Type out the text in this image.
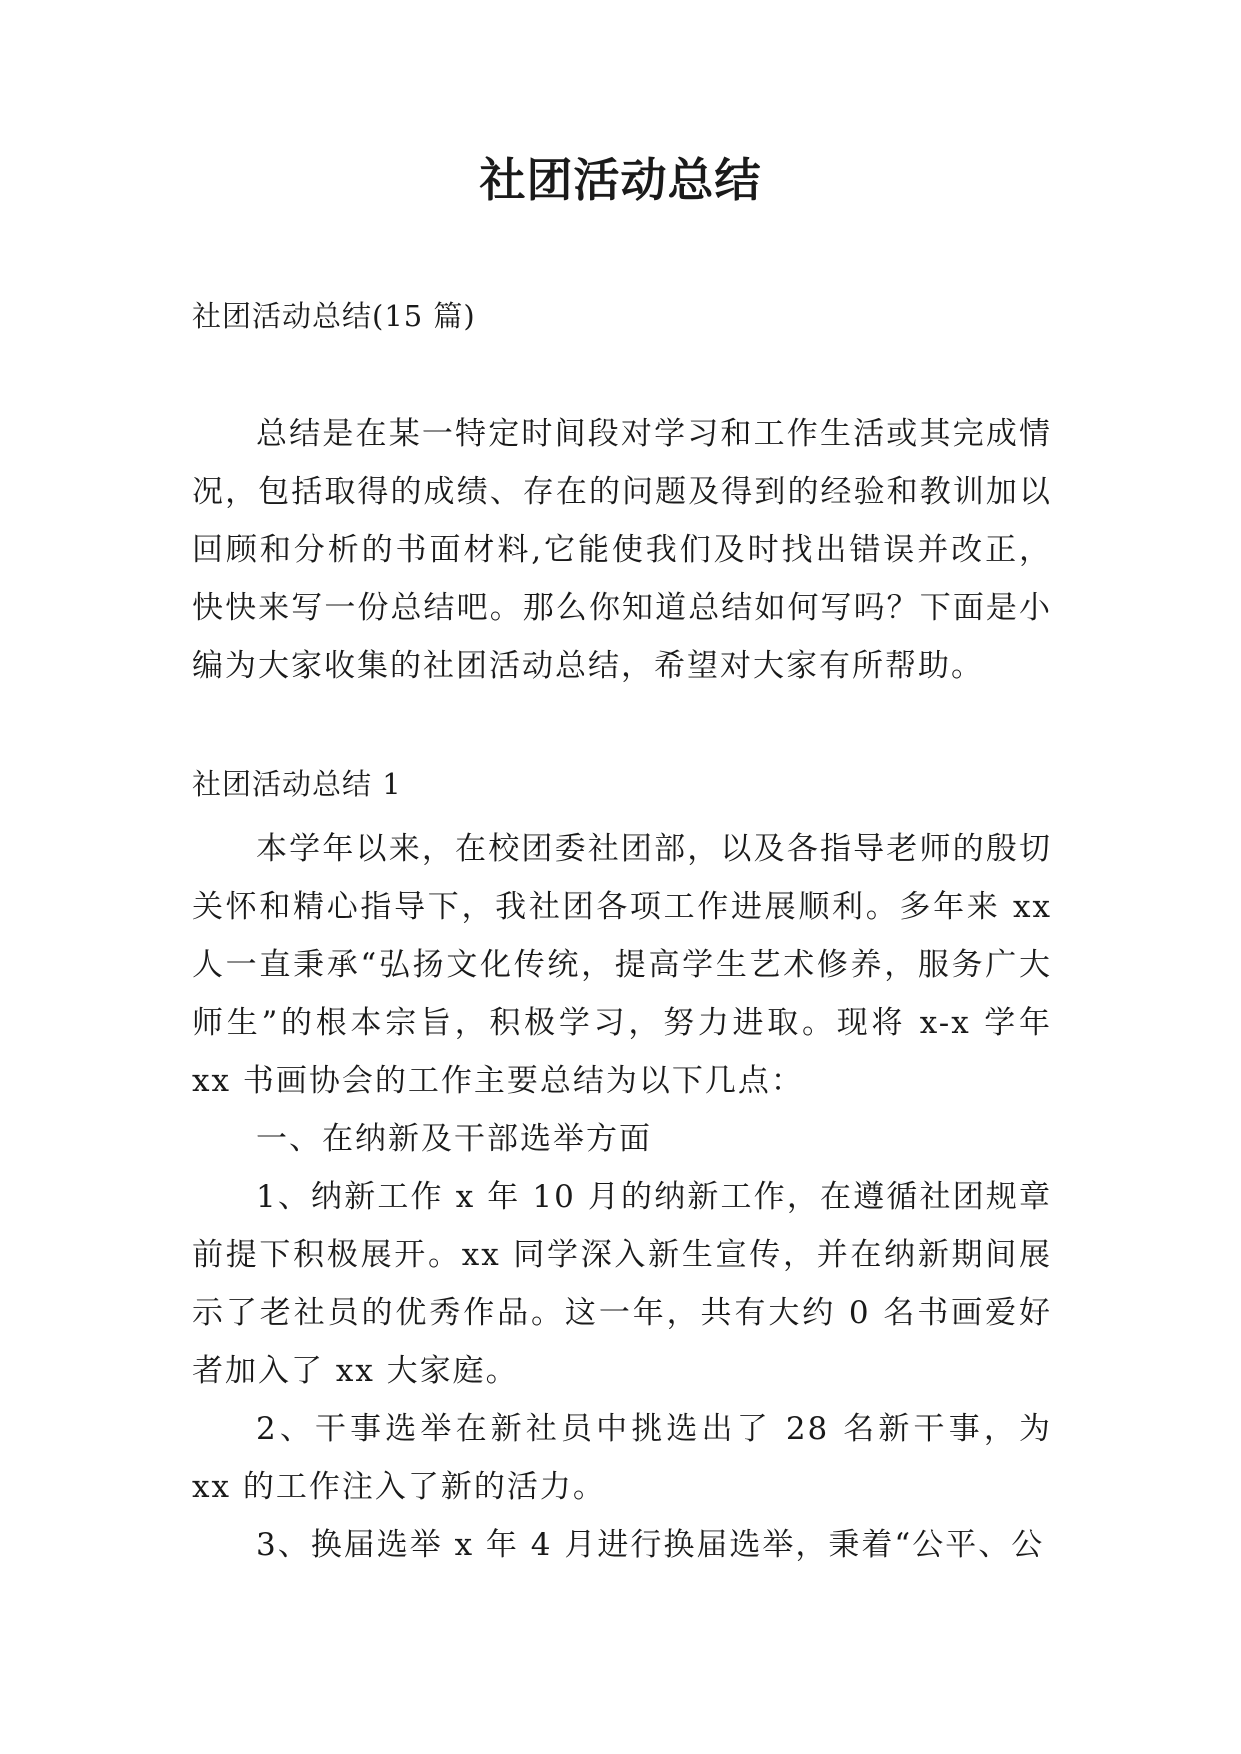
社团活动总结
社团活动总结(15 篇)

总结是在某一特定时间段对学习和工作生活或其完成情况，包括取得的成绩、存在的问题及得到的经验和教训加以回顾和分析的书面材料,它能使我们及时找出错误并改正，快快来写一份总结吧。那么你知道总结如何写吗？下面是小编为大家收集的社团活动总结，希望对大家有所帮助。

社团活动总结 1

本学年以来，在校团委社团部，以及各指导老师的殷切关怀和精心指导下，我社团各项工作进展顺利。多年来 xx 人一直秉承“弘扬文化传统，提高学生艺术修养，服务广大师生”的根本宗旨，积极学习，努力进取。现将 x-x 学年 xx 书画协会的工作主要总结为以下几点：

一、在纳新及干部选举方面

1、纳新工作 x 年 10 月的纳新工作，在遵循社团规章前提下积极展开。xx 同学深入新生宣传，并在纳新期间展示了老社员的优秀作品。这一年，共有大约 0 名书画爱好者加入了 xx 大家庭。

2、干事选举在新社员中挑选出了 28 名新干事，为 xx 的工作注入了新的活力。

3、换届选举 x 年 4 月进行换届选举，秉着“公平、公
